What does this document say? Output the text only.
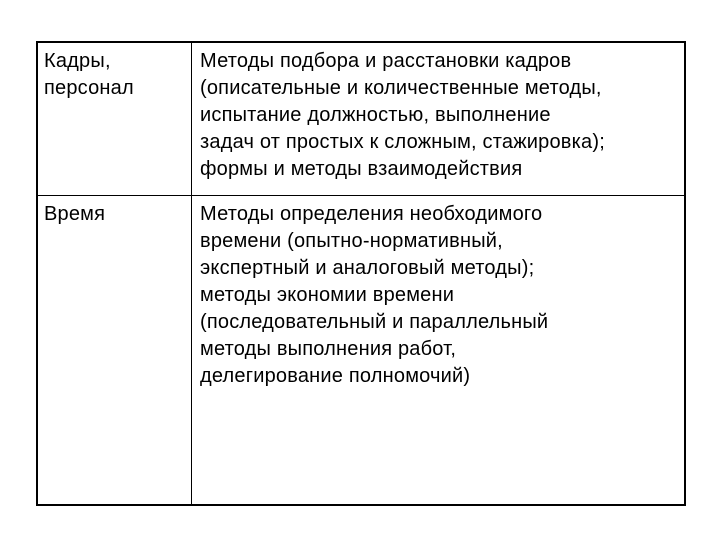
Кадры,
персонал
Методы подбора и расстановки кадров
(описательные и количественные методы,
испытание должностью, выполнение
задач от простых к сложным, стажировка);
формы и методы взаимодействия
Время	Методы определения необходимого
времени (опытно-нормативный,
экспертный и аналоговый методы);
методы экономии времени
(последовательный и параллельный
методы выполнения работ,
делегирование полномочий)
